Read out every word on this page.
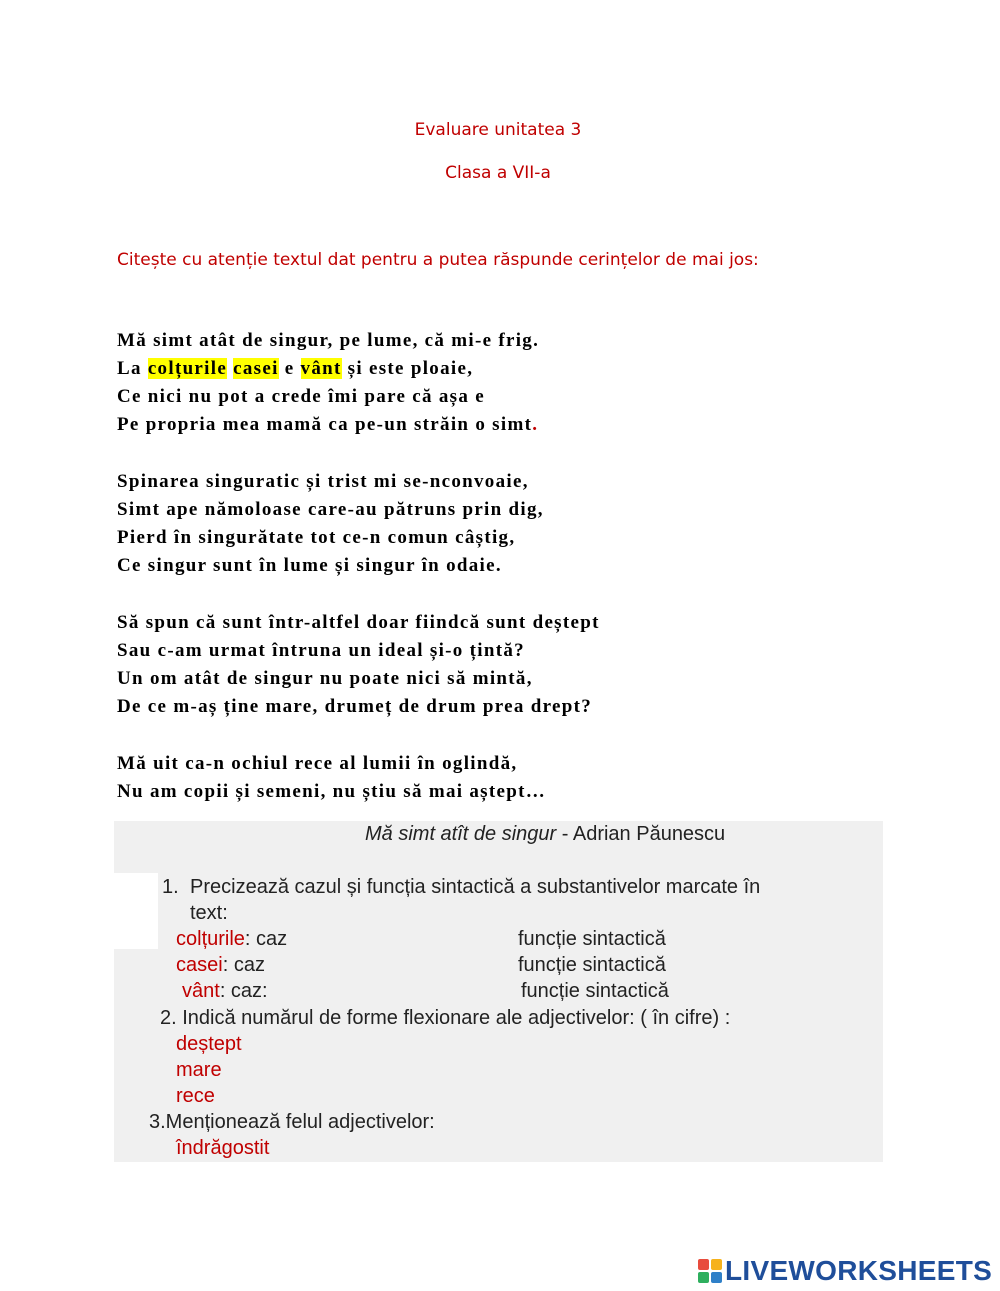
Evaluare unitatea 3
Clasa a VII-a
Citește cu atenție textul dat pentru a putea răspunde cerințelor de mai jos:
Mă simt atât de singur, pe lume, că mi-e frig.
La colțurile casei e vânt și este ploaie,
Ce nici nu pot a crede îmi pare că așa e
Pe propria mea mamă ca pe-un străin o simt.
Spinarea singuratic și trist mi se-nconvoaie,
Simt ape nămoloase care-au pătruns prin dig,
Pierd în singurătate tot ce-n comun câștig,
Ce singur sunt în lume și singur în odaie.
Să spun că sunt într-altfel doar fiindcă sunt deștept
Sau c-am urmat întruna un ideal și-o țintă?
Un om atât de singur nu poate nici să mintă,
De ce m-aș ține mare, drumeț de drum prea drept?
Mă uit ca-n ochiul rece al lumii în oglindă,
Nu am copii și semeni, nu știu să mai aștept…
Mă simt atît de singur - Adrian Păunescu
1. Precizează cazul și funcția sintactică a substantivelor marcate în
text:
colțurile: caz	funcție sintactică
casei: caz	funcție sintactică
vânt: caz:	funcție sintactică
2. Indică numărul de forme flexionare ale adjectivelor: ( în cifre) :
deștept
mare
rece
3.Menționează felul adjectivelor:
îndrăgostit
LIVEWORKSHEETS
